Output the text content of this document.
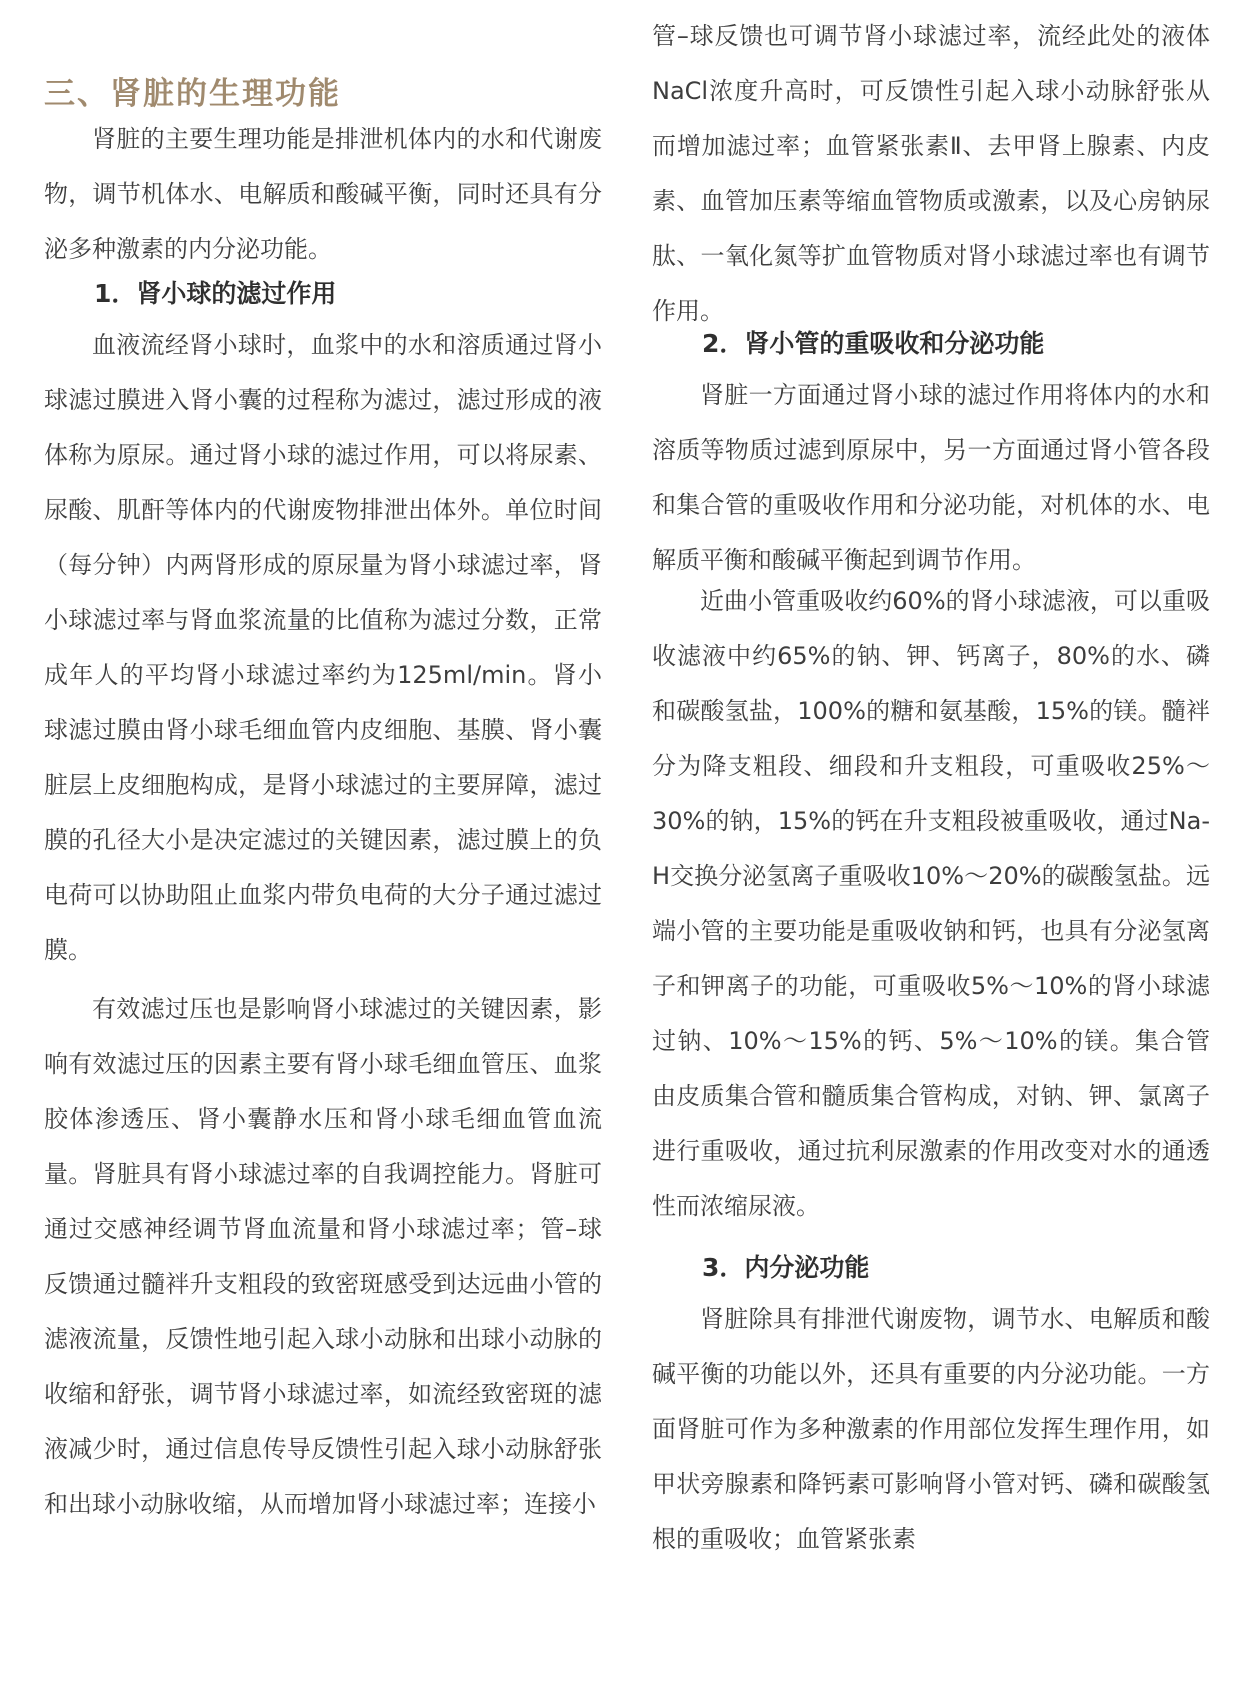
三、肾脏的生理功能

肾脏的主要生理功能是排泄机体内的水和代谢废物，调节机体水、电解质和酸碱平衡，同时还具有分泌多种激素的内分泌功能。

1．肾小球的滤过作用

血液流经肾小球时，血浆中的水和溶质通过肾小球滤过膜进入肾小囊的过程称为滤过，滤过形成的液体称为原尿。通过肾小球的滤过作用，可以将尿素、尿酸、肌酐等体内的代谢废物排泄出体外。单位时间（每分钟）内两肾形成的原尿量为肾小球滤过率，肾小球滤过率与肾血浆流量的比值称为滤过分数，正常成年人的平均肾小球滤过率约为125ml/min。肾小球滤过膜由肾小球毛细血管内皮细胞、基膜、肾小囊脏层上皮细胞构成，是肾小球滤过的主要屏障，滤过膜的孔径大小是决定滤过的关键因素，滤过膜上的负电荷可以协助阻止血浆内带负电荷的大分子通过滤过膜。

有效滤过压也是影响肾小球滤过的关键因素，影响有效滤过压的因素主要有肾小球毛细血管压、血浆胶体渗透压、肾小囊静水压和肾小球毛细血管血流量。肾脏具有肾小球滤过率的自我调控能力。肾脏可通过交感神经调节肾血流量和肾小球滤过率；管–球反馈通过髓袢升支粗段的致密斑感受到达远曲小管的滤液流量，反馈性地引起入球小动脉和出球小动脉的收缩和舒张，调节肾小球滤过率，如流经致密斑的滤液减少时，通过信息传导反馈性引起入球小动脉舒张和出球小动脉收缩，从而增加肾小球滤过率；连接小

管–球反馈也可调节肾小球滤过率，流经此处的液体NaCl浓度升高时，可反馈性引起入球小动脉舒张从而增加滤过率；血管紧张素Ⅱ、去甲肾上腺素、内皮素、血管加压素等缩血管物质或激素，以及心房钠尿肽、一氧化氮等扩血管物质对肾小球滤过率也有调节作用。

2．肾小管的重吸收和分泌功能

肾脏一方面通过肾小球的滤过作用将体内的水和溶质等物质过滤到原尿中，另一方面通过肾小管各段和集合管的重吸收作用和分泌功能，对机体的水、电解质平衡和酸碱平衡起到调节作用。

近曲小管重吸收约60%的肾小球滤液，可以重吸收滤液中约65%的钠、钾、钙离子，80%的水、磷和碳酸氢盐，100%的糖和氨基酸，15%的镁。髓袢分为降支粗段、细段和升支粗段，可重吸收25%～30%的钠，15%的钙在升支粗段被重吸收，通过Na-H交换分泌氢离子重吸收10%～20%的碳酸氢盐。远端小管的主要功能是重吸收钠和钙，也具有分泌氢离子和钾离子的功能，可重吸收5%～10%的肾小球滤过钠、10%～15%的钙、5%～10%的镁。集合管由皮质集合管和髓质集合管构成，对钠、钾、氯离子进行重吸收，通过抗利尿激素的作用改变对水的通透性而浓缩尿液。

3．内分泌功能

肾脏除具有排泄代谢废物，调节水、电解质和酸碱平衡的功能以外，还具有重要的内分泌功能。一方面肾脏可作为多种激素的作用部位发挥生理作用，如甲状旁腺素和降钙素可影响肾小管对钙、磷和碳酸氢根的重吸收；血管紧张素
